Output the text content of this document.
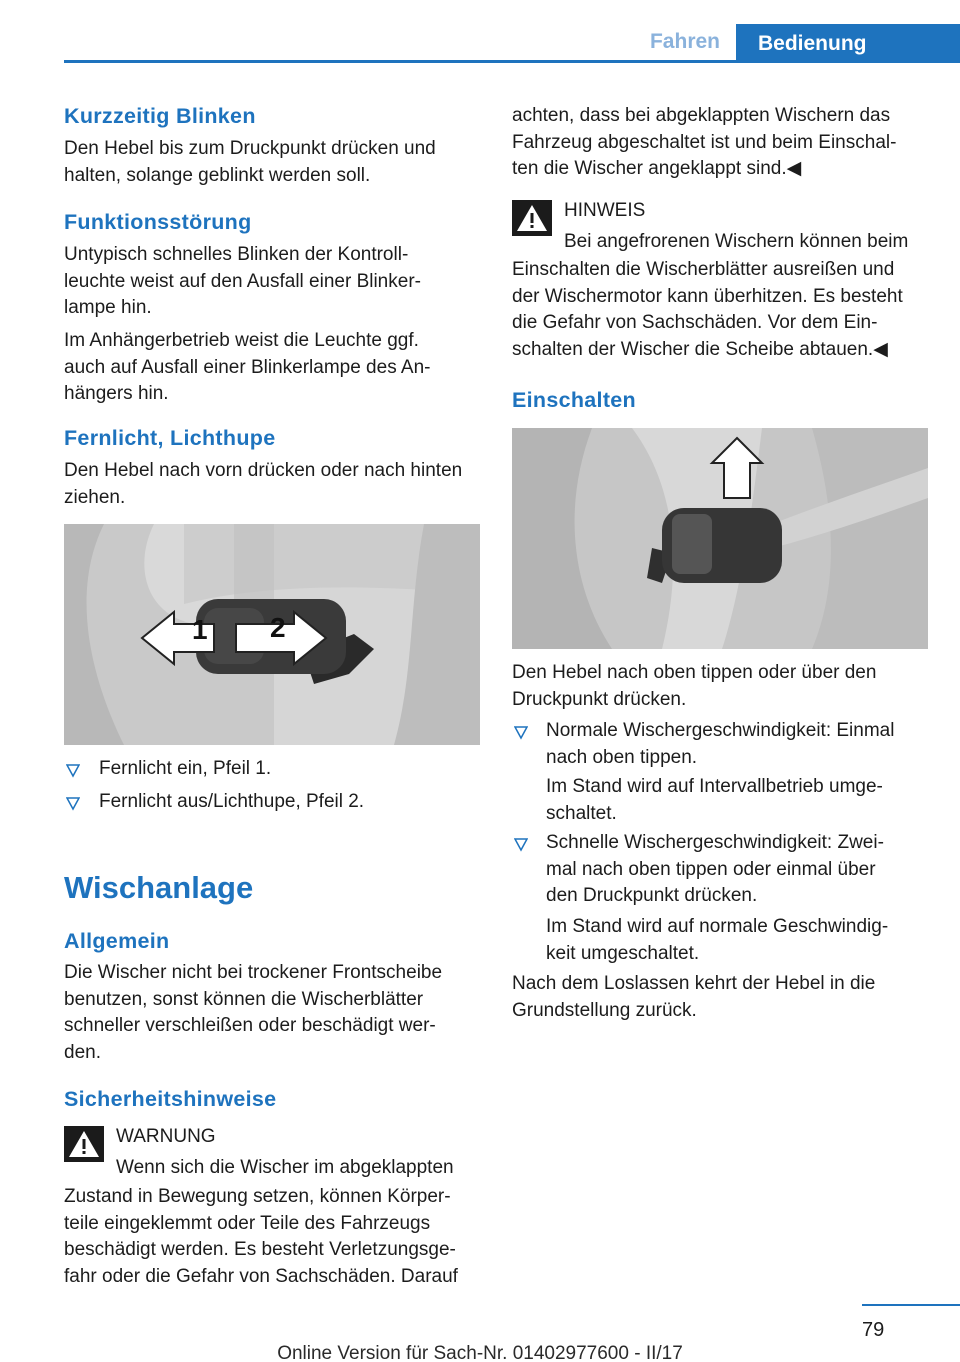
Fahren	Bedienung
Kurzzeitig Blinken
Den Hebel bis zum Druckpunkt drücken und
halten, solange geblinkt werden soll.
Funktionsstörung
Untypisch schnelles Blinken der Kontroll‐
leuchte weist auf den Ausfall einer Blinker‐
lampe hin.
Im Anhängerbetrieb weist die Leuchte ggf.
auch auf Ausfall einer Blinkerlampe des An‐
hängers hin.
Fernlicht, Lichthupe
Den Hebel nach vorn drücken oder nach hinten
ziehen.
1 2
Fernlicht ein, Pfeil 1.
Fernlicht aus/Lichthupe, Pfeil 2.
Wischanlage
Allgemein
Die Wischer nicht bei trockener Frontscheibe
benutzen, sonst können die Wischerblätter
schneller verschleißen oder beschädigt wer‐
den.
Sicherheitshinweise
WARNUNG
Wenn sich die Wischer im abgeklappten
Zustand in Bewegung setzen, können Körper‐
teile eingeklemmt oder Teile des Fahrzeugs
beschädigt werden. Es besteht Verletzungsge‐
fahr oder die Gefahr von Sachschäden. Darauf
achten, dass bei abgeklappten Wischern das
Fahrzeug abgeschaltet ist und beim Einschal‐
ten die Wischer angeklappt sind.◀
HINWEIS
Bei angefrorenen Wischern können beim
Einschalten die Wischerblätter ausreißen und
der Wischermotor kann überhitzen. Es besteht
die Gefahr von Sachschäden. Vor dem Ein‐
schalten der Wischer die Scheibe abtauen.◀
Einschalten
Den Hebel nach oben tippen oder über den
Druckpunkt drücken.
Normale Wischergeschwindigkeit: Einmal
nach oben tippen.
Im Stand wird auf Intervallbetrieb umge‐
schaltet.
Schnelle Wischergeschwindigkeit: Zwei‐
mal nach oben tippen oder einmal über
den Druckpunkt drücken.
Im Stand wird auf normale Geschwindig‐
keit umgeschaltet.
Nach dem Loslassen kehrt der Hebel in die
Grundstellung zurück.
79
Online Version für Sach-Nr. 01402977600 - II/17
